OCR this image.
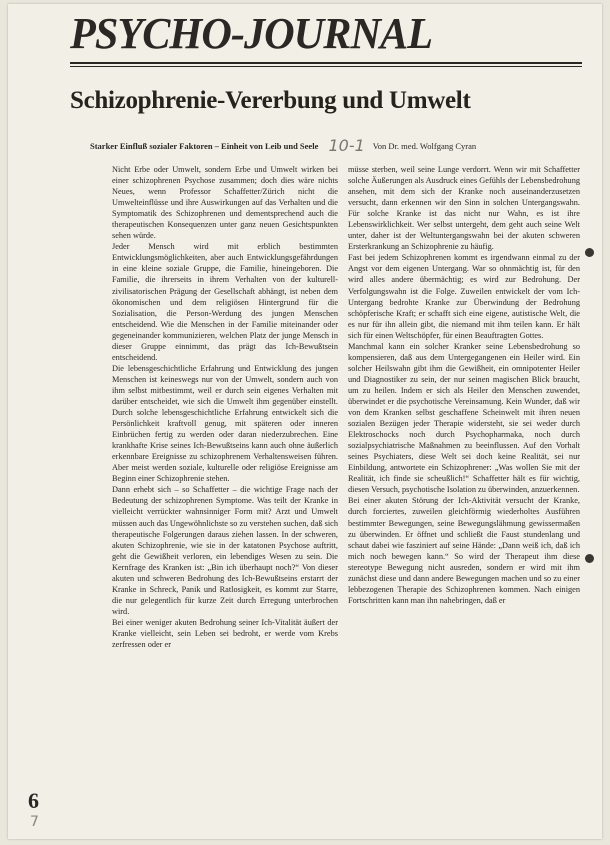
PSYCHO-JOURNAL
Schizophrenie-Vererbung und Umwelt
Starker Einfluß sozialer Faktoren – Einheit von Leib und Seele 10-1 Von Dr. med. Wolfgang Cyran

Nicht Erbe oder Umwelt, sondern Erbe und Umwelt wirken bei einer schizophrenen Psychose zusammen; doch dies wäre nichts Neues, wenn Professor Schaffetter/Zürich nicht die Umwelteinflüsse und ihre Auswirkungen auf das Verhalten und die Symptomatik des Schizophrenen und dementsprechend auch die therapeutischen Konsequenzen unter ganz neuen Gesichtspunkten sehen würde.

Jeder Mensch wird mit erblich bestimmten Entwicklungsmöglichkeiten, aber auch Entwicklungsgefährdungen in eine kleine soziale Gruppe, die Familie, hineingeboren. Die Familie, die ihrerseits in ihrem Verhalten von der kulturell-zivilisatorischen Prägung der Gesellschaft abhängt, ist neben dem ökonomischen und dem religiösen Hintergrund für die Sozialisation, die Person-Werdung des jungen Menschen entscheidend. Wie die Menschen in der Familie miteinander oder gegeneinander kommunizieren, welchen Platz der junge Mensch in dieser Gruppe einnimmt, das prägt das Ich-Bewußtsein entscheidend.

Die lebensgeschichtliche Erfahrung und Entwicklung des jungen Menschen ist keineswegs nur von der Umwelt, sondern auch von ihm selbst mitbestimmt, weil er durch sein eigenes Verhalten mit darüber entscheidet, wie sich die Umwelt ihm gegenüber einstellt. Durch solche lebensgeschichtliche Erfahrung entwickelt sich die Persönlichkeit kraftvoll genug, mit späteren oder inneren Einbrüchen fertig zu werden oder daran niederzubrechen. Eine krankhafte Krise seines Ich-Bewußtseins kann auch ohne äußerlich erkennbare Ereignisse zu schizophrenem Verhaltensweisen führen. Aber meist werden soziale, kulturelle oder religiöse Ereignisse am Beginn einer Schizophrenie stehen.

Dann erhebt sich – so Schaffetter – die wichtige Frage nach der Bedeutung der schizophrenen Symptome. Was teilt der Kranke in vielleicht verrückter wahnsinniger Form mit? Arzt und Umwelt müssen auch das Ungewöhnlichste so zu verstehen suchen, daß sich therapeutische Folgerungen daraus ziehen lassen. In der schweren, akuten Schizophrenie, wie sie in der katatonen Psychose auftritt, geht die Gewißheit verloren, ein lebendiges Wesen zu sein. Die Kernfrage des Kranken ist: „Bin ich überhaupt noch?“ Von dieser akuten und schweren Bedrohung des Ich-Bewußtseins erstarrt der Kranke in Schreck, Panik und Ratlosigkeit, es kommt zur Starre, die nur gelegentlich für kurze Zeit durch Erregung unterbrochen wird.

Bei einer weniger akuten Bedrohung seiner Ich-Vitalität äußert der Kranke vielleicht, sein Leben sei bedroht, er werde vom Krebs zerfressen oder er

müsse sterben, weil seine Lunge verdorrt. Wenn wir mit Schaffetter solche Äußerungen als Ausdruck eines Gefühls der Lebensbedrohung ansehen, mit dem sich der Kranke noch auseinanderzusetzen versucht, dann erkennen wir den Sinn in solchen Untergangswahn. Für solche Kranke ist das nicht nur Wahn, es ist ihre Lebenswirklichkeit. Wer selbst untergeht, dem geht auch seine Welt unter, daher ist der Weltuntergangswahn bei der akuten schweren Ersterkrankung an Schizophrenie zu häufig.

Fast bei jedem Schizophrenen kommt es irgendwann einmal zu der Angst vor dem eigenen Untergang. War so ohnmächtig ist, für den wird alles andere übermächtig; es wird zur Bedrohung. Der Verfolgungswahn ist die Folge. Zuweilen entwickelt der vom Ich-Untergang bedrohte Kranke zur Überwindung der Bedrohung schöpferische Kraft; er schafft sich eine eigene, autistische Welt, die es nur für ihn allein gibt, die niemand mit ihm teilen kann. Er hält sich für einen Weltschöpfer, für einen Beauftragten Gottes.

Manchmal kann ein solcher Kranker seine Lebensbedrohung so kompensieren, daß aus dem Untergegangenen ein Heiler wird. Ein solcher Heilswahn gibt ihm die Gewißheit, ein omnipotenter Heiler und Diagnostiker zu sein, der nur seinen magischen Blick braucht, um zu heilen. Indem er sich als Heiler den Menschen zuwendet, überwindet er die psychotische Vereinsamung. Kein Wunder, daß wir von dem Kranken selbst geschaffene Scheinwelt mit ihren neuen sozialen Bezügen jeder Therapie widersteht, sie sei weder durch Elektroschocks noch durch Psychopharmaka, noch durch sozialpsychiatrische Maßnahmen zu beeinflussen. Auf den Vorhalt seines Psychiaters, diese Welt sei doch keine Realität, sei nur Einbildung, antwortete ein Schizophrener: „Was wollen Sie mit der Realität, ich finde sie scheußlich!“ Schaffetter hält es für wichtig, diesen Versuch, psychotische Isolation zu überwinden, anzuerkennen.

Bei einer akuten Störung der Ich-Aktivität versucht der Kranke, durch forciertes, zuweilen gleichförmig wiederholtes Ausführen bestimmter Bewegungen, seine Bewegungslähmung gewissermaßen zu überwinden. Er öffnet und schließt die Faust stundenlang und schaut dabei wie fasziniert auf seine Hände: „Dann weiß ich, daß ich mich noch bewegen kann.“ So wird der Therapeut ihm diese stereotype Bewegung nicht ausreden, sondern er wird mit ihm zunächst diese und dann andere Bewegungen machen und so zu einer lebbezogenen Therapie des Schizophrenen kommen. Nach einigen Fortschritten kann man ihn nahebringen, daß er

6
7
